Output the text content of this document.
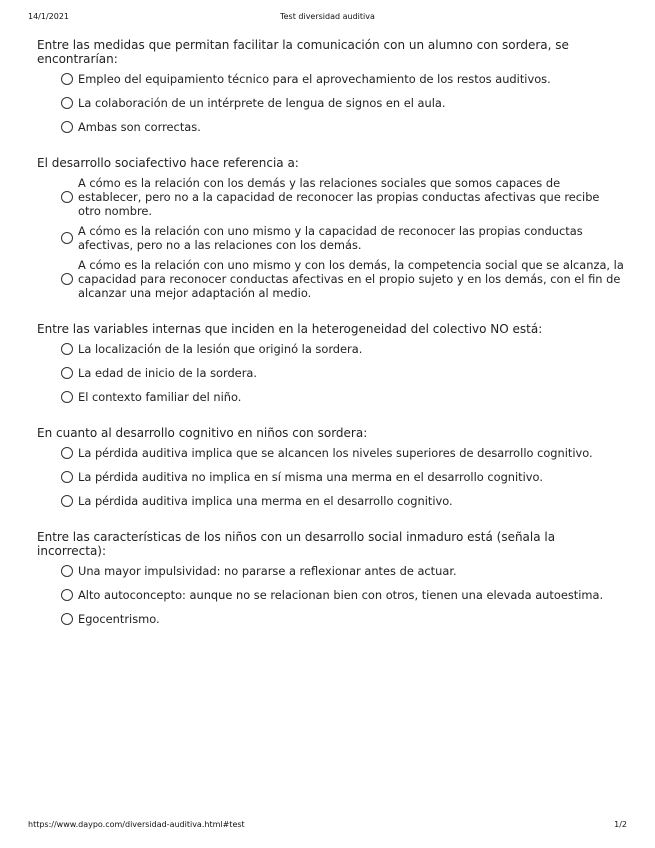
14/1/2021	Test diversidad auditiva
Entre las medidas que permitan facilitar la comunicación con un alumno con sordera, se encontrarían:
Empleo del equipamiento técnico para el aprovechamiento de los restos auditivos.
La colaboración de un intérprete de lengua de signos en el aula.
Ambas son correctas.
El desarrollo sociafectivo hace referencia a:
A cómo es la relación con los demás y las relaciones sociales que somos capaces de establecer, pero no a la capacidad de reconocer las propias conductas afectivas que recibe otro nombre.
A cómo es la relación con uno mismo y la capacidad de reconocer las propias conductas afectivas, pero no a las relaciones con los demás.
A cómo es la relación con uno mismo y con los demás, la competencia social que se alcanza, la capacidad para reconocer conductas afectivas en el propio sujeto y en los demás, con el fin de alcanzar una mejor adaptación al medio.
Entre las variables internas que inciden en la heterogeneidad del colectivo NO está:
La localización de la lesión que originó la sordera.
La edad de inicio de la sordera.
El contexto familiar del niño.
En cuanto al desarrollo cognitivo en niños con sordera:
La pérdida auditiva implica que se alcancen los niveles superiores de desarrollo cognitivo.
La pérdida auditiva no implica en sí misma una merma en el desarrollo cognitivo.
La pérdida auditiva implica una merma en el desarrollo cognitivo.
Entre las características de los niños con un desarrollo social inmaduro está (señala la incorrecta):
Una mayor impulsividad: no pararse a reflexionar antes de actuar.
Alto autoconcepto: aunque no se relacionan bien con otros, tienen una elevada autoestima.
Egocentrismo.
https://www.daypo.com/diversidad-auditiva.html#test	1/2
